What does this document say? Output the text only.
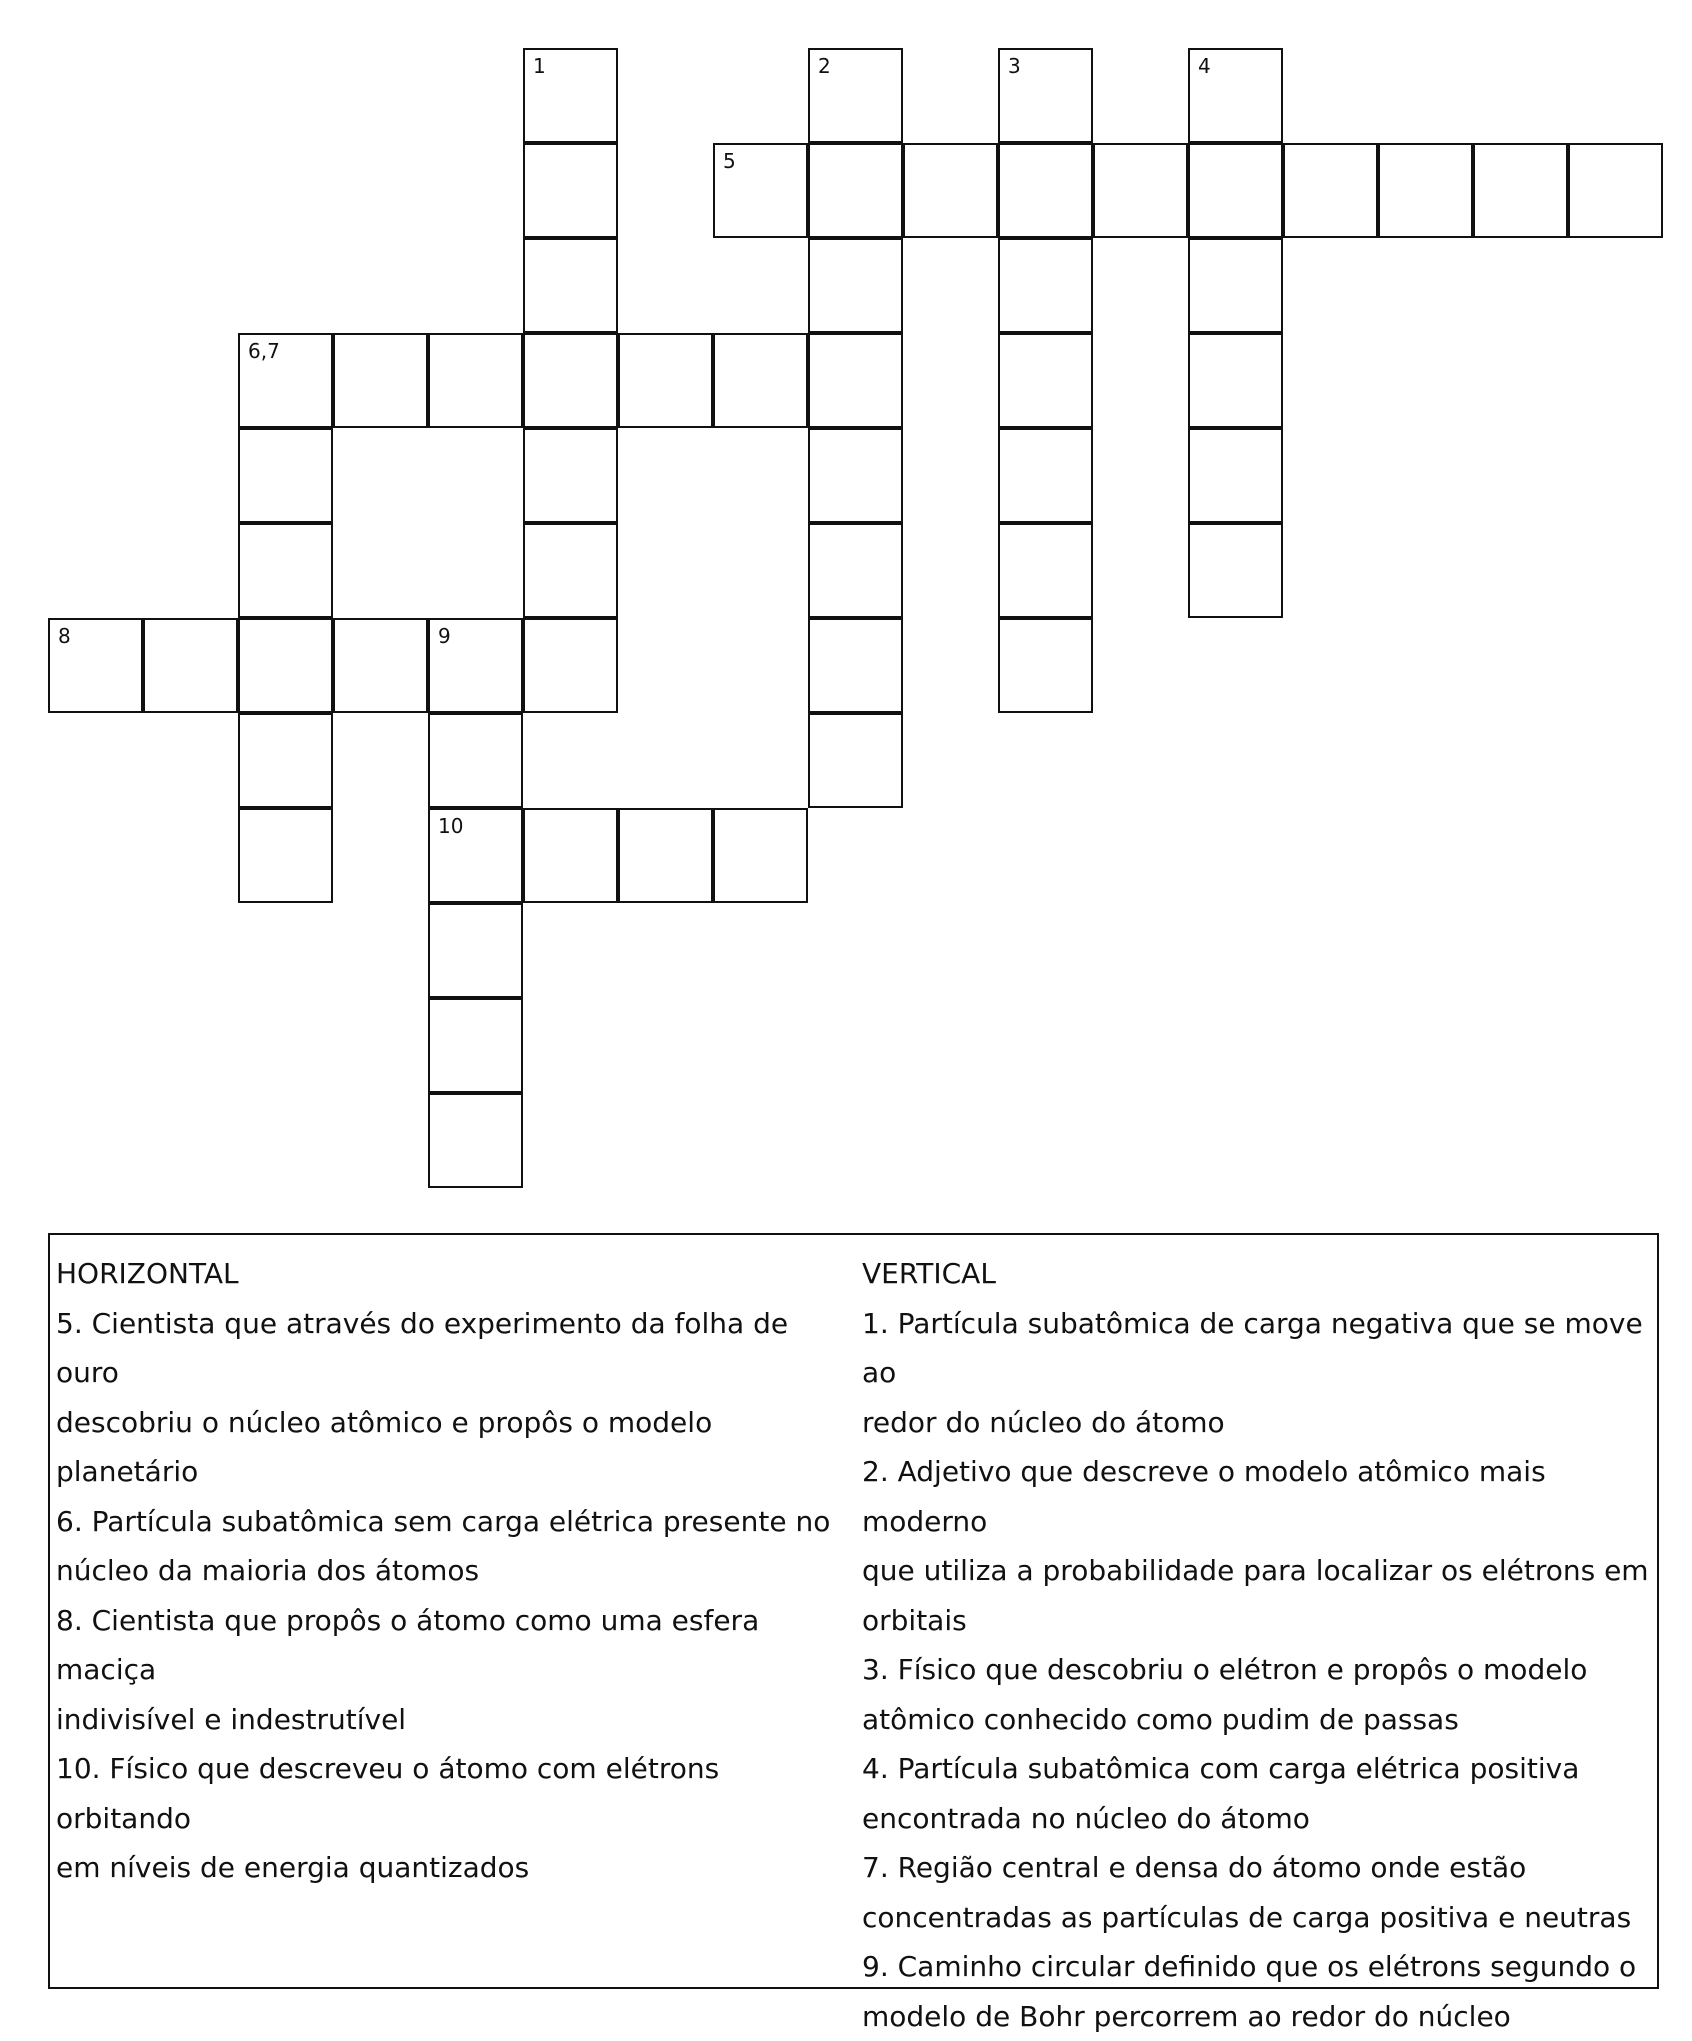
1	2	3	4
5
6,7
8	9
10
HORIZONTAL
5. Cientista que através do experimento da folha de ouro
descobriu o núcleo atômico e propôs o modelo planetário
6. Partícula subatômica sem carga elétrica presente no
núcleo da maioria dos átomos
8. Cientista que propôs o átomo como uma esfera maciça
indivisível e indestrutível
10. Físico que descreveu o átomo com elétrons orbitando
em níveis de energia quantizados
VERTICAL
1. Partícula subatômica de carga negativa que se move ao
redor do núcleo do átomo
2. Adjetivo que descreve o modelo atômico mais moderno
que utiliza a probabilidade para localizar os elétrons em
orbitais
3. Físico que descobriu o elétron e propôs o modelo
atômico conhecido como pudim de passas
4. Partícula subatômica com carga elétrica positiva
encontrada no núcleo do átomo
7. Região central e densa do átomo onde estão
concentradas as partículas de carga positiva e neutras
9. Caminho circular definido que os elétrons segundo o
modelo de Bohr percorrem ao redor do núcleo
